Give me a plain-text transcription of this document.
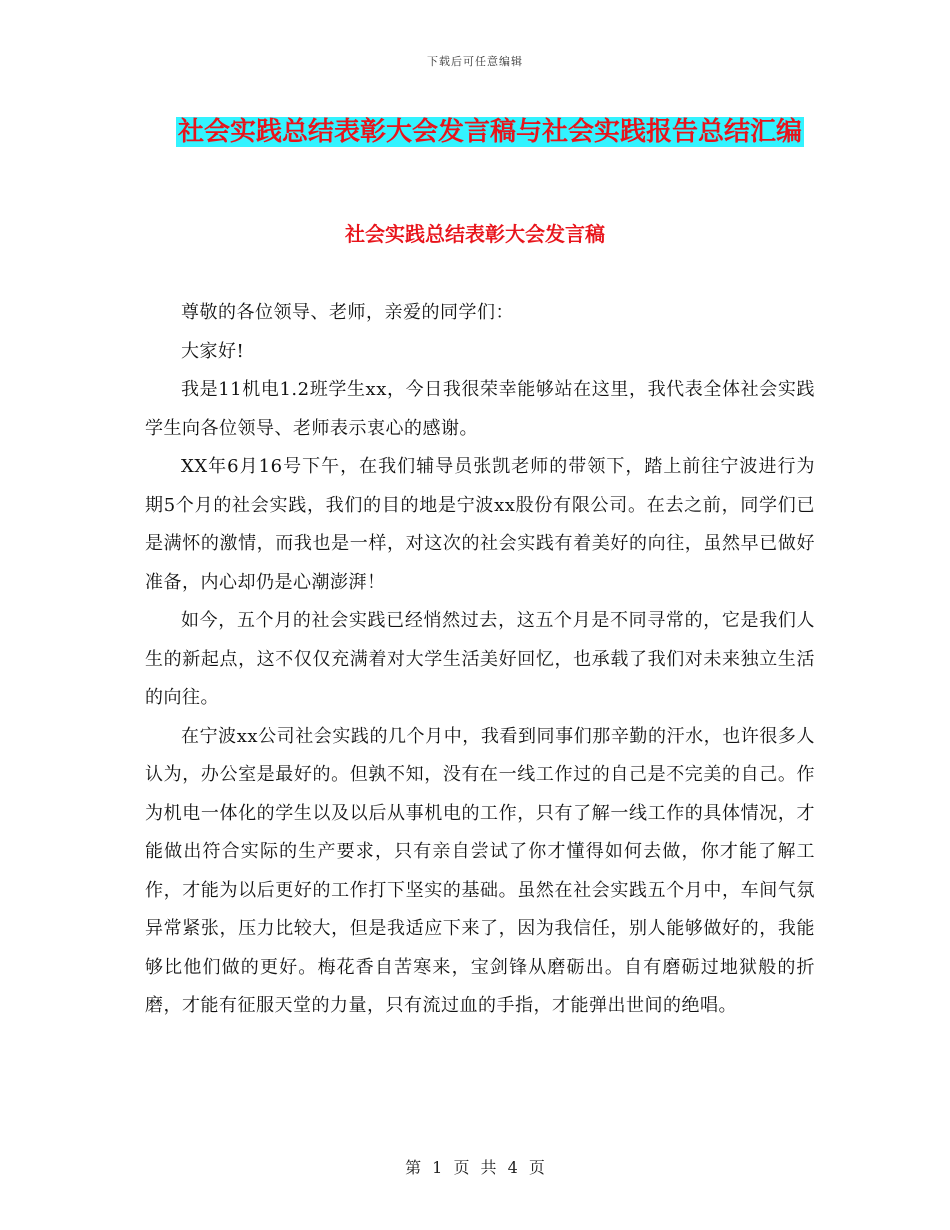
下载后可任意编辑
社会实践总结表彰大会发言稿与社会实践报告总结汇编
社会实践总结表彰大会发言稿

尊敬的各位领导、老师，亲爱的同学们：

大家好!

我是11机电1.2班学生xx，今日我很荣幸能够站在这里，我代表全体社会实践学生向各位领导、老师表示衷心的感谢。

XX年6月16号下午，在我们辅导员张凯老师的带领下，踏上前往宁波进行为期5个月的社会实践，我们的目的地是宁波xx股份有限公司。在去之前，同学们已是满怀的激情，而我也是一样，对这次的社会实践有着美好的向往，虽然早已做好准备，内心却仍是心潮澎湃！

如今，五个月的社会实践已经悄然过去，这五个月是不同寻常的，它是我们人生的新起点，这不仅仅充满着对大学生活美好回忆，也承载了我们对未来独立生活的向往。

在宁波xx公司社会实践的几个月中，我看到同事们那辛勤的汗水，也许很多人认为，办公室是最好的。但孰不知，没有在一线工作过的自己是不完美的自己。作为机电一体化的学生以及以后从事机电的工作，只有了解一线工作的具体情况，才能做出符合实际的生产要求，只有亲自尝试了你才懂得如何去做，你才能了解工作，才能为以后更好的工作打下坚实的基础。虽然在社会实践五个月中，车间气氛异常紧张，压力比较大，但是我适应下来了，因为我信任，别人能够做好的，我能够比他们做的更好。梅花香自苦寒来，宝剑锋从磨砺出。自有磨砺过地狱般的折磨，才能有征服天堂的力量，只有流过血的手指，才能弹出世间的绝唱。

第 1 页 共 4 页
